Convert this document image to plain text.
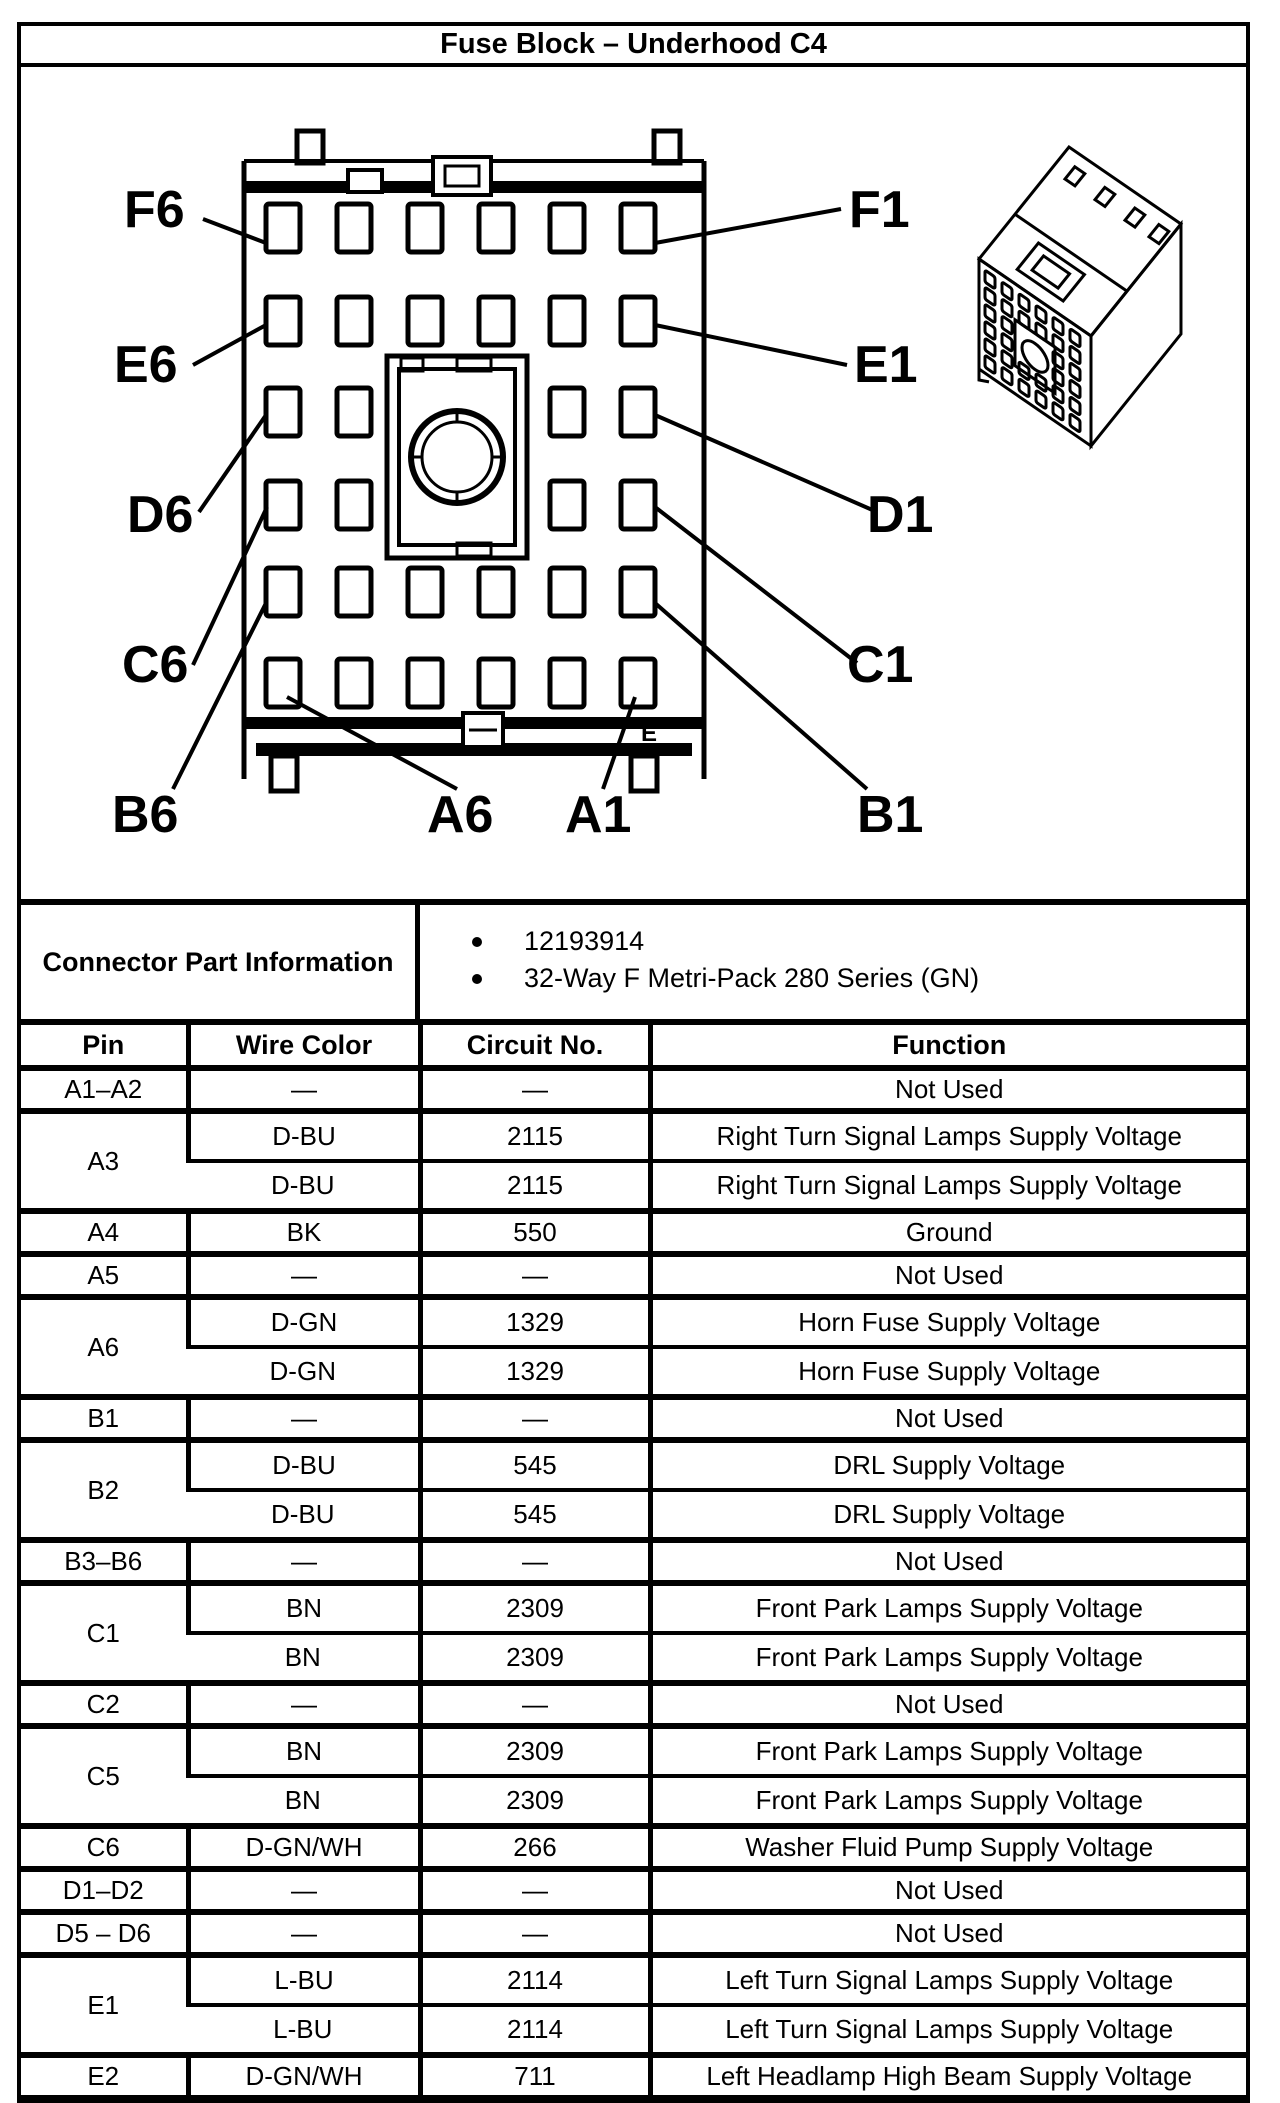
Fuse Block – Underhood C4
E
F6
E6
D6
C6
B6	A6 A1
F1
E1
D1
C1
B1
Connector Part Information
12193914
32-Way F Metri-Pack 280 Series (GN)
Pin	Wire Color	Circuit No.	Function
A1–A2	—	—	Not Used
A3	D-BU	2115	Right Turn Signal Lamps Supply Voltage
	D-BU	2115	Right Turn Signal Lamps Supply Voltage
A4	BK	550	Ground
A5	—	—	Not Used
A6	D-GN	1329	Horn Fuse Supply Voltage
	D-GN	1329	Horn Fuse Supply Voltage
B1	—	—	Not Used
B2	D-BU	545	DRL Supply Voltage
	D-BU	545	DRL Supply Voltage
B3–B6	—	—	Not Used
C1	BN	2309	Front Park Lamps Supply Voltage
	BN	2309	Front Park Lamps Supply Voltage
C2	—	—	Not Used
C5	BN	2309	Front Park Lamps Supply Voltage
	BN	2309	Front Park Lamps Supply Voltage
C6	D-GN/WH	266	Washer Fluid Pump Supply Voltage
D1–D2	—	—	Not Used
D5 – D6	—	—	Not Used
E1	L-BU	2114	Left Turn Signal Lamps Supply Voltage
	L-BU	2114	Left Turn Signal Lamps Supply Voltage
E2	D-GN/WH	711	Left Headlamp High Beam Supply Voltage
